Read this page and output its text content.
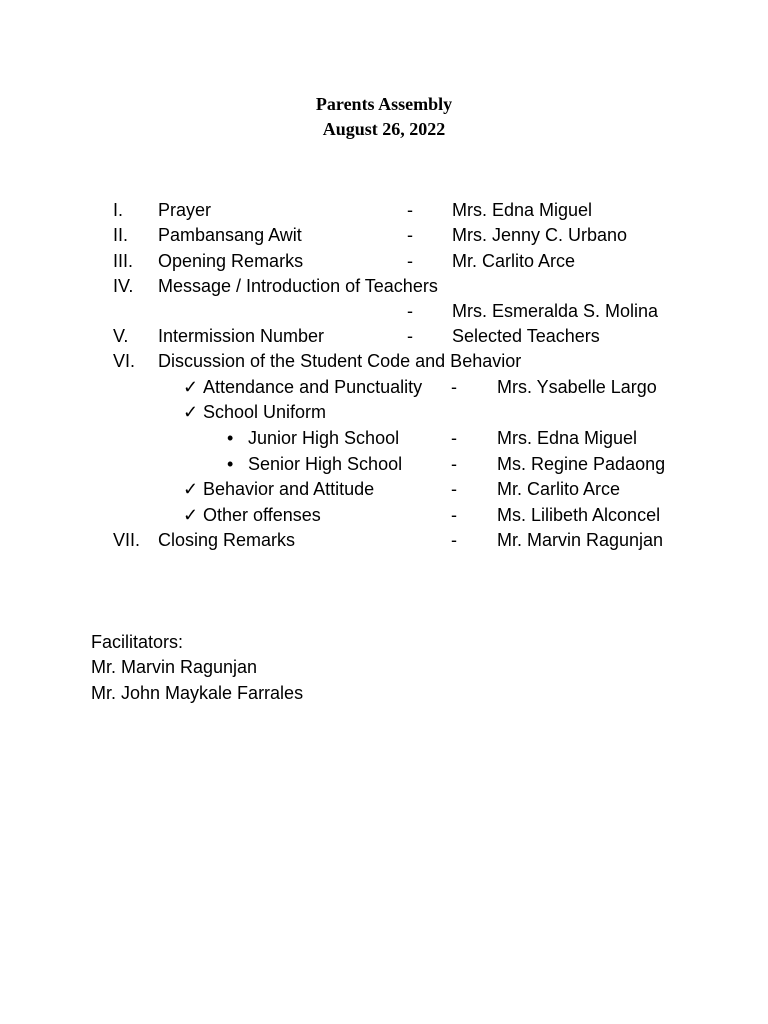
Parents Assembly
August 26, 2022
I. Prayer	- Mrs. Edna Miguel
II. Pambansang Awit	- Mrs. Jenny C. Urbano
III. Opening Remarks	- Mr. Carlito Arce
IV. Message / Introduction of Teachers
- Mrs. Esmeralda S. Molina
V. Intermission Number	- Selected Teachers
VI. Discussion of the Student Code and Behavior
✓ Attendance and Punctuality - Mrs. Ysabelle Largo
✓ School Uniform
• Junior High School	- Mrs. Edna Miguel
• Senior High School	- Ms. Regine Padaong
✓ Behavior and Attitude	- Mr. Carlito Arce
✓ Other offenses	- Ms. Lilibeth Alconcel
VII. Closing Remarks	- Mr. Marvin Ragunjan
Facilitators:
Mr. Marvin Ragunjan
Mr. John Maykale Farrales
